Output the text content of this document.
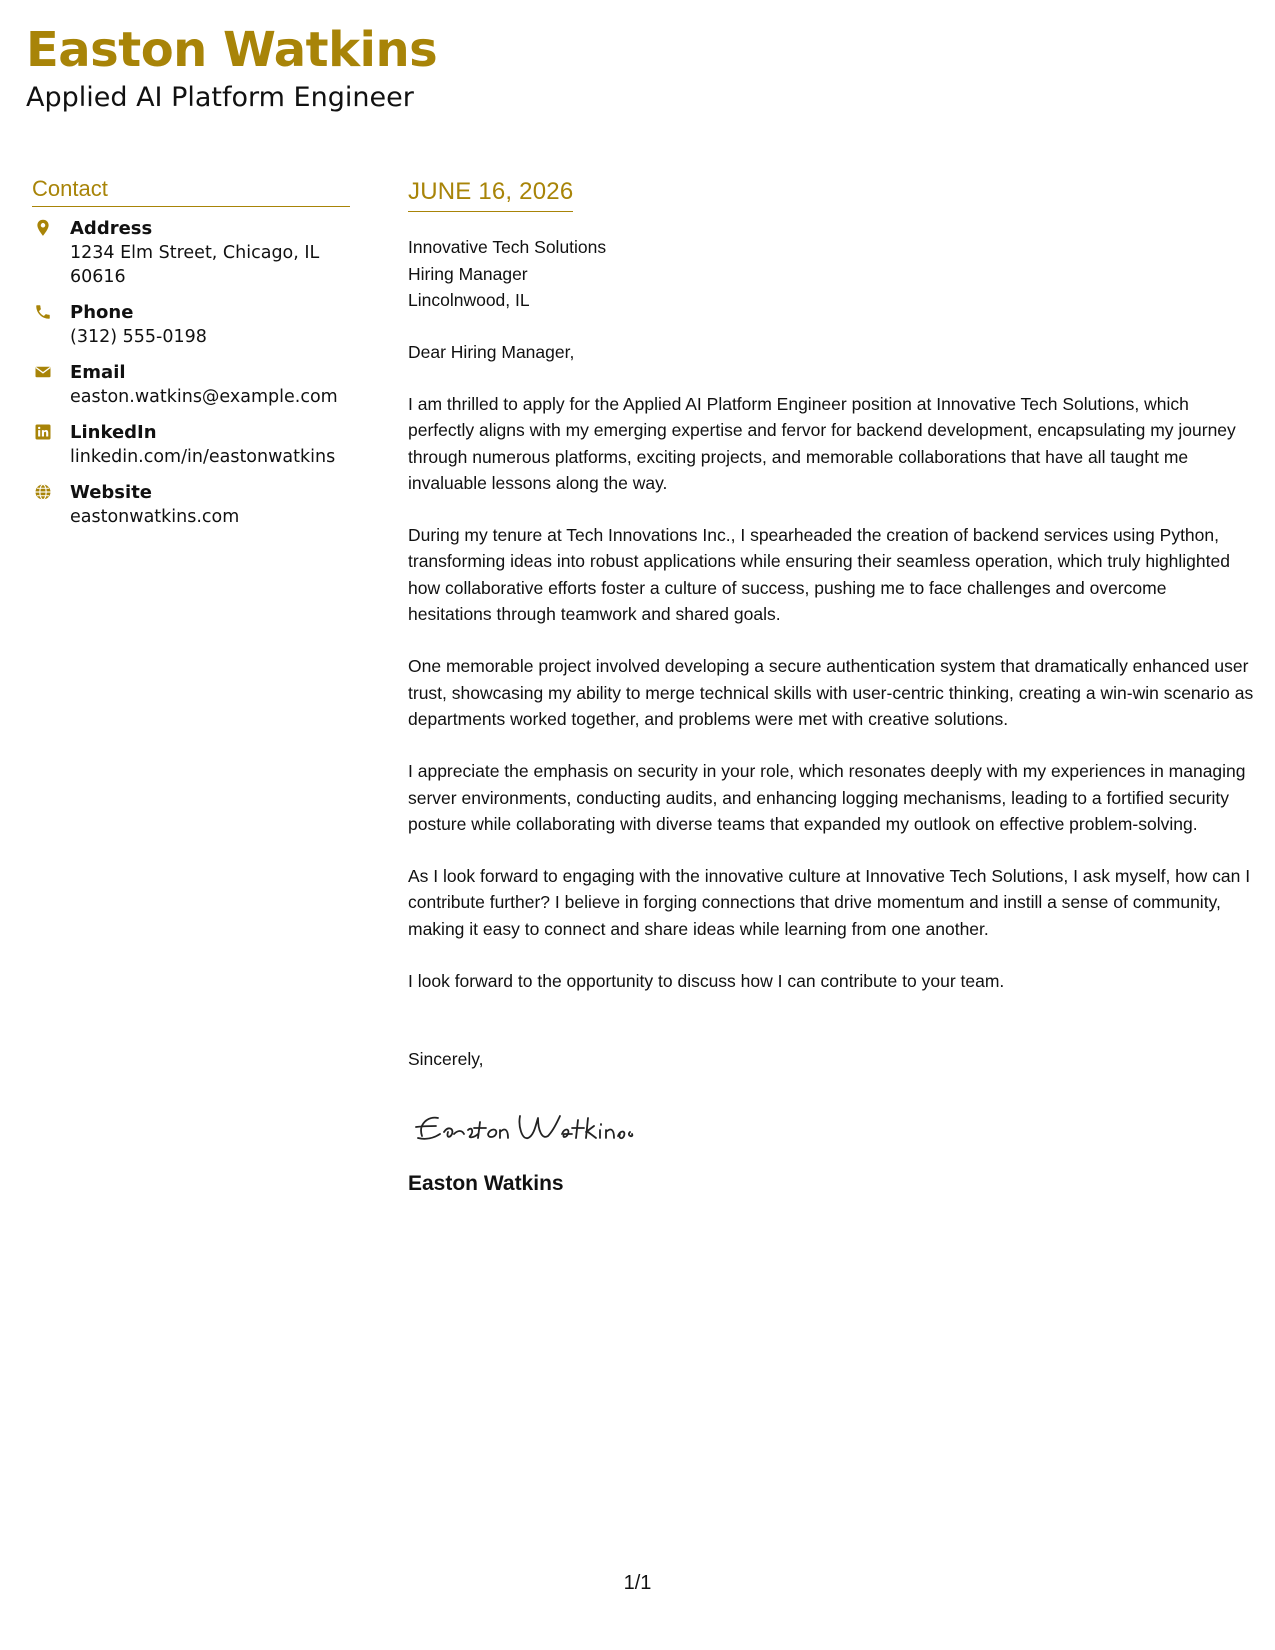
Easton Watkins
Applied AI Platform Engineer
Contact
Address
1234 Elm Street, Chicago, IL 60616
Phone
(312) 555-0198
Email
easton.watkins@example.com
LinkedIn
linkedin.com/in/eastonwatkins
Website
eastonwatkins.com
JUNE 16, 2026
Innovative Tech Solutions
Hiring Manager
Lincolnwood, IL
Dear Hiring Manager,

I am thrilled to apply for the Applied AI Platform Engineer position at Innovative Tech Solutions, which perfectly aligns with my emerging expertise and fervor for backend development, encapsulating my journey through numerous platforms, exciting projects, and memorable collaborations that have all taught me invaluable lessons along the way.

During my tenure at Tech Innovations Inc., I spearheaded the creation of backend services using Python, transforming ideas into robust applications while ensuring their seamless operation, which truly highlighted how collaborative efforts foster a culture of success, pushing me to face challenges and overcome hesitations through teamwork and shared goals.

One memorable project involved developing a secure authentication system that dramatically enhanced user trust, showcasing my ability to merge technical skills with user-centric thinking, creating a win-win scenario as departments worked together, and problems were met with creative solutions.

I appreciate the emphasis on security in your role, which resonates deeply with my experiences in managing server environments, conducting audits, and enhancing logging mechanisms, leading to a fortified security posture while collaborating with diverse teams that expanded my outlook on effective problem-solving.

As I look forward to engaging with the innovative culture at Innovative Tech Solutions, I ask myself, how can I contribute further? I believe in forging connections that drive momentum and instill a sense of community, making it easy to connect and share ideas while learning from one another.

I look forward to the opportunity to discuss how I can contribute to your team.

Sincerely,
Easton Watkins
1/1
